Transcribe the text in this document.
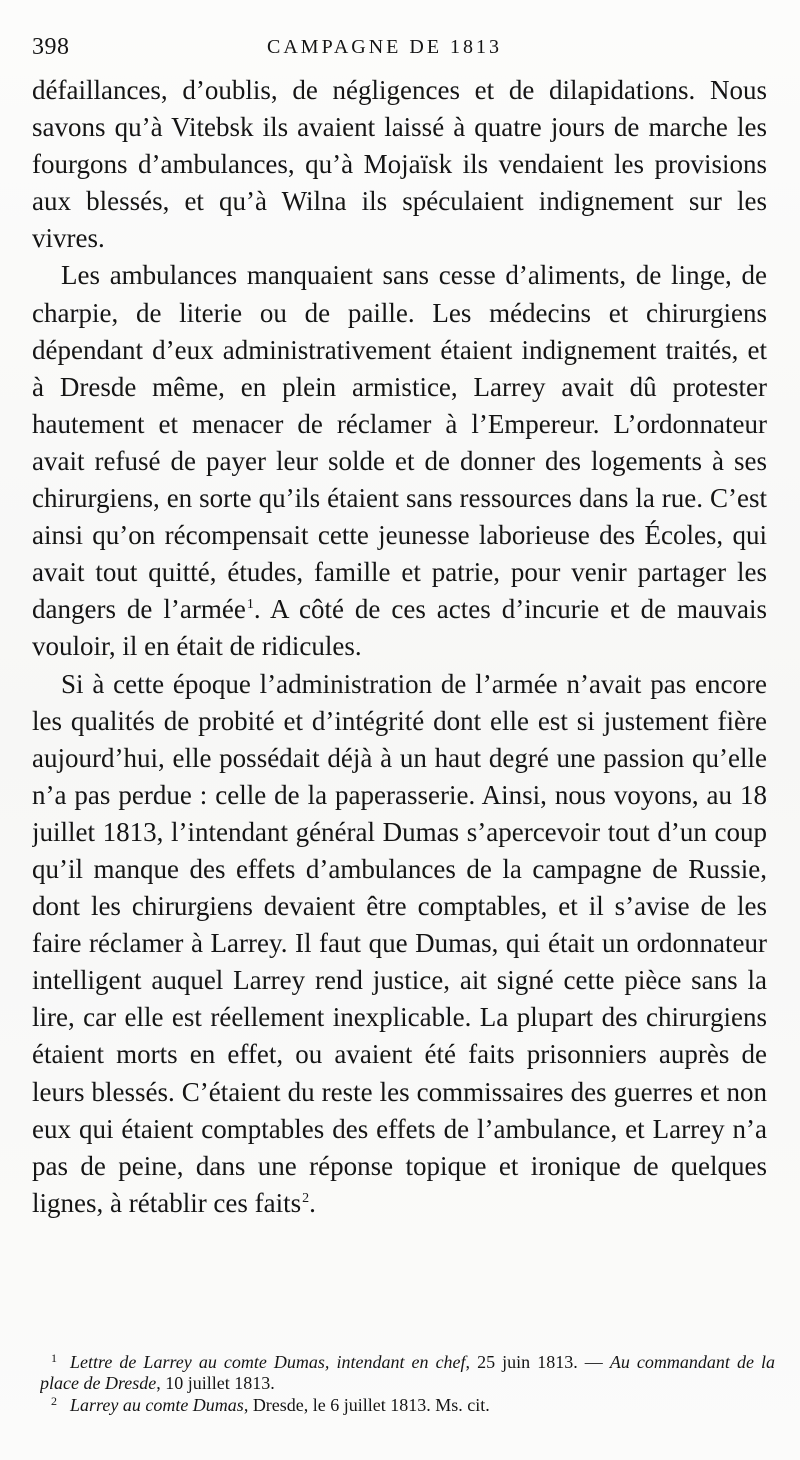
398	CAMPAGNE DE 1813

défaillances, d’oublis, de négligences et de dilapidations. Nous savons qu’à Vitebsk ils avaient laissé à quatre jours de marche les fourgons d’ambulances, qu’à Mojaïsk ils vendaient les provisions aux blessés, et qu’à Wilna ils spéculaient indignement sur les vivres.

Les ambulances manquaient sans cesse d’aliments, de linge, de charpie, de literie ou de paille. Les médecins et chirurgiens dépendant d’eux administrativement étaient indignement traités, et à Dresde même, en plein armistice, Larrey avait dû protester hautement et menacer de réclamer à l’Empereur. L’ordonnateur avait refusé de payer leur solde et de donner des logements à ses chirurgiens, en sorte qu’ils étaient sans ressources dans la rue. C’est ainsi qu’on récompensait cette jeunesse laborieuse des Écoles, qui avait tout quitté, études, famille et patrie, pour venir partager les dangers de l’armée$^1$. A côté de ces actes d’incurie et de mauvais vouloir, il en était de ridicules.

Si à cette époque l’administration de l’armée n’avait pas encore les qualités de probité et d’intégrité dont elle est si justement fière aujourd’hui, elle possédait déjà à un haut degré une passion qu’elle n’a pas perdue : celle de la paperasserie. Ainsi, nous voyons, au 18 juillet 1813, l’intendant général Dumas s’apercevoir tout d’un coup qu’il manque des effets d’ambulances de la campagne de Russie, dont les chirurgiens devaient être comptables, et il s’avise de les faire réclamer à Larrey. Il faut que Dumas, qui était un ordonnateur intelligent auquel Larrey rend justice, ait signé cette pièce sans la lire, car elle est réellement inexplicable. La plupart des chirurgiens étaient morts en effet, ou avaient été faits prisonniers auprès de leurs blessés. C’étaient du reste les commissaires des guerres et non eux qui étaient comptables des effets de l’ambulance, et Larrey n’a pas de peine, dans une réponse topique et ironique de quelques lignes, à rétablir ces faits$^2$.

1 Lettre de Larrey au comte Dumas, intendant en chef, 25 juin 1813. — Au commandant de la place de Dresde, 10 juillet 1813.

2 Larrey au comte Dumas, Dresde, le 6 juillet 1813. Ms. cit.
